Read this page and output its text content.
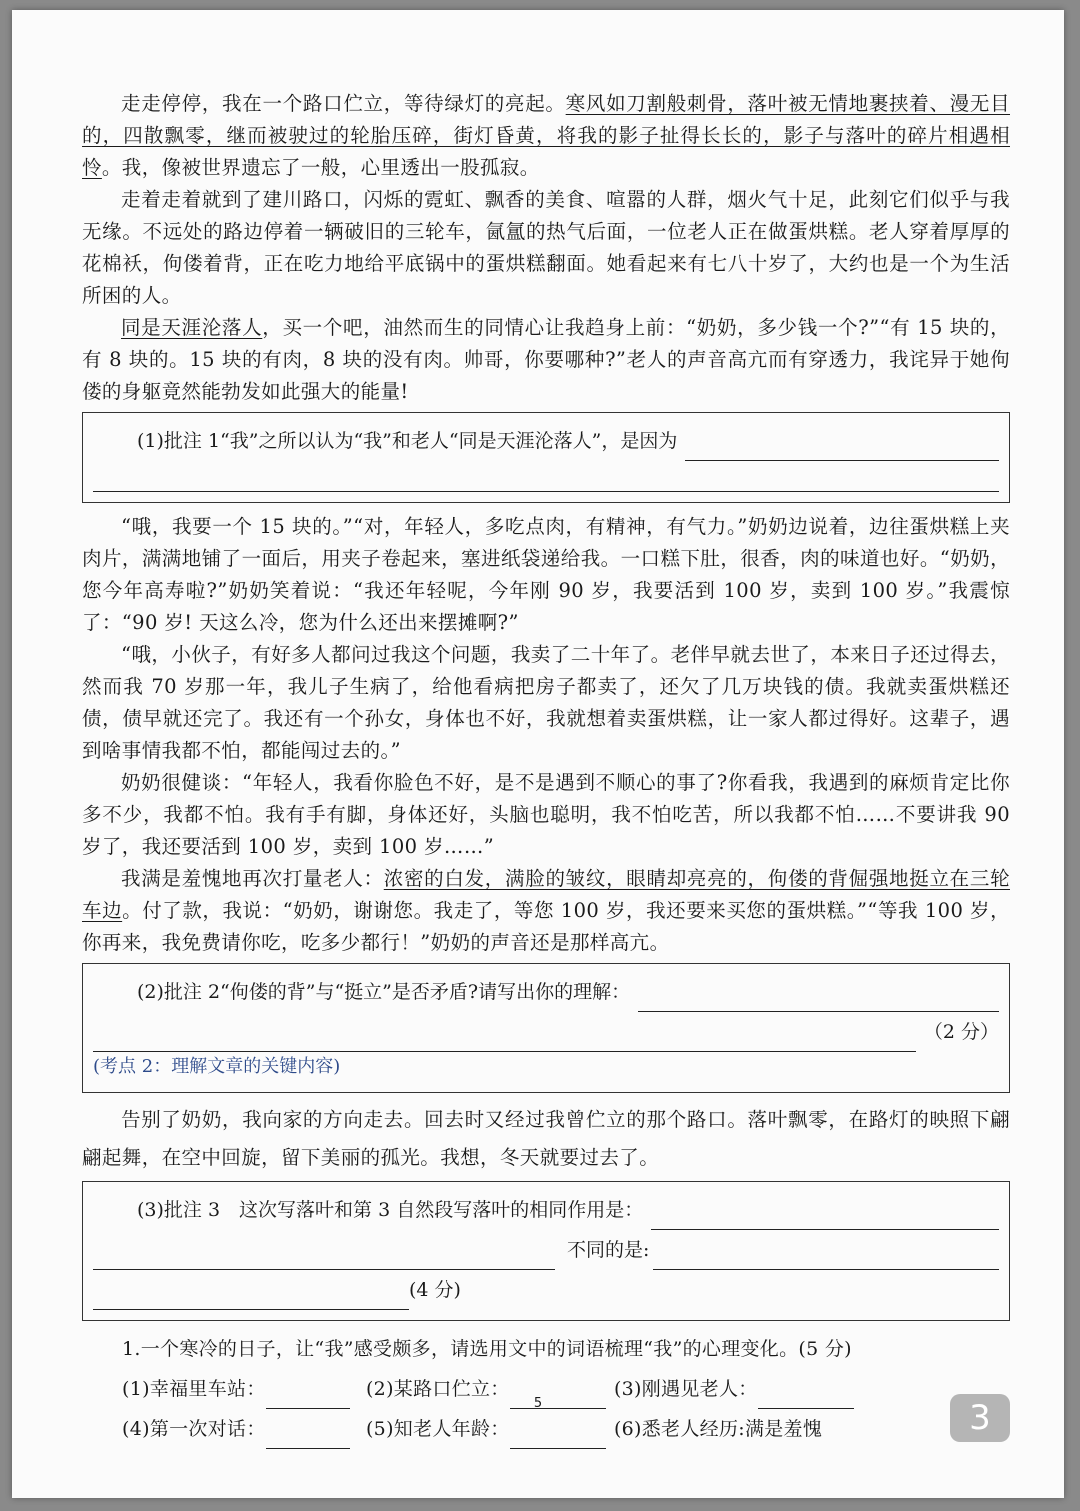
走走停停，我在一个路口伫立，等待绿灯的亮起。寒风如刀割般刺骨，落叶被无情地裹挟着、漫无目的，四散飘零，继而被驶过的轮胎压碎，街灯昏黄，将我的影子扯得长长的，影子与落叶的碎片相遇相怜。我，像被世界遗忘了一般，心里透出一股孤寂。

走着走着就到了建川路口，闪烁的霓虹、飘香的美食、喧嚣的人群，烟火气十足，此刻它们似乎与我无缘。不远处的路边停着一辆破旧的三轮车，氤氲的热气后面，一位老人正在做蛋烘糕。老人穿着厚厚的花棉袄，佝偻着背，正在吃力地给平底锅中的蛋烘糕翻面。她看起来有七八十岁了，大约也是一个为生活所困的人。

同是天涯沦落人，买一个吧，油然而生的同情心让我趋身上前：“奶奶，多少钱一个?”“有 15 块的，有 8 块的。15 块的有肉，8 块的没有肉。帅哥，你要哪种?”老人的声音高亢而有穿透力，我诧异于她佝偻的身躯竟然能勃发如此强大的能量!

(1)批注 1“我”之所以认为“我”和老人“同是天涯沦落人”，是因为

“哦，我要一个 15 块的。”“对，年轻人，多吃点肉，有精神，有气力。”奶奶边说着，边往蛋烘糕上夹肉片，满满地铺了一面后，用夹子卷起来，塞进纸袋递给我。一口糕下肚，很香，肉的味道也好。“奶奶，您今年高寿啦?”奶奶笑着说：“我还年轻呢，今年刚 90 岁，我要活到 100 岁，卖到 100 岁。”我震惊了：“90 岁! 天这么冷，您为什么还出来摆摊啊?”

“哦，小伙子，有好多人都问过我这个问题，我卖了二十年了。老伴早就去世了，本来日子还过得去，然而我 70 岁那一年，我儿子生病了，给他看病把房子都卖了，还欠了几万块钱的债。我就卖蛋烘糕还债，债早就还完了。我还有一个孙女，身体也不好，我就想着卖蛋烘糕，让一家人都过得好。这辈子，遇到啥事情我都不怕，都能闯过去的。”

奶奶很健谈：“年轻人，我看你脸色不好，是不是遇到不顺心的事了?你看我，我遇到的麻烦肯定比你多不少，我都不怕。我有手有脚，身体还好，头脑也聪明，我不怕吃苦，所以我都不怕……不要讲我 90 岁了，我还要活到 100 岁，卖到 100 岁……”

我满是羞愧地再次打量老人：浓密的白发，满脸的皱纹，眼睛却亮亮的，佝偻的背倔强地挺立在三轮车边。付了款，我说：“奶奶，谢谢您。我走了，等您 100 岁，我还要来买您的蛋烘糕。”“等我 100 岁，你再来，我免费请你吃，吃多少都行！”奶奶的声音还是那样高亢。

(2)批注 2“佝偻的背”与“挺立”是否矛盾?请写出你的理解：
（2 分）
(考点 2：理解文章的关键内容)

告别了奶奶，我向家的方向走去。回去时又经过我曾伫立的那个路口。落叶飘零，在路灯的映照下翩翩起舞，在空中回旋，留下美丽的孤光。我想，冬天就要过去了。

(3)批注 3　这次写落叶和第 3 自然段写落叶的相同作用是：
不同的是:
(4 分)
1.一个寒冷的日子，让“我”感受颇多，请选用文中的词语梳理“我”的心理变化。(5 分)
(1)幸福里车站：	(2)某路口伫立：	(3)刚遇见老人：
(4)第一次对话：	(5)知老人年龄：	(6)悉老人经历:满是羞愧
5	3
